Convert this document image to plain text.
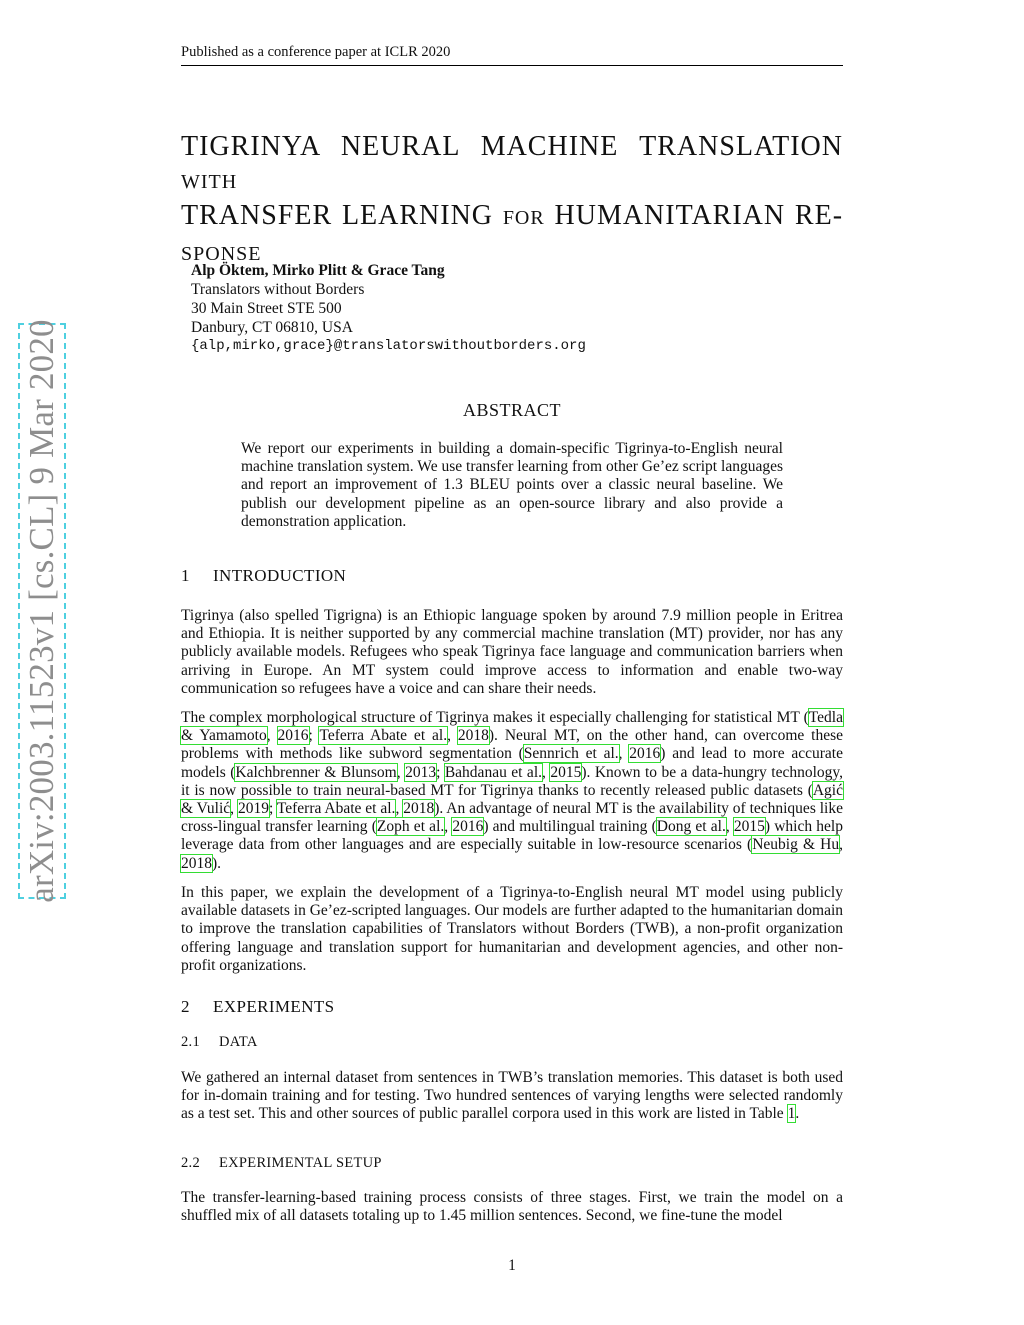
Published as a conference paper at ICLR 2020
arXiv:2003.11523v1 [cs.CL] 9 Mar 2020
TIGRINYA NEURAL MACHINE TRANSLATION WITH
TRANSFER LEARNING FOR HUMANITARIAN RE-
SPONSE
Alp Öktem, Mirko Plitt & Grace Tang
Translators without Borders
30 Main Street STE 500
Danbury, CT 06810, USA
{alp,mirko,grace}@translatorswithoutborders.org
ABSTRACT
We report our experiments in building a domain-specific Tigrinya-to-English neural machine translation system. We use transfer learning from other Ge’ez script languages and report an improvement of 1.3 BLEU points over a classic neural baseline. We publish our development pipeline as an open-source library and also provide a demonstration application.
1 INTRODUCTION
Tigrinya (also spelled Tigrigna) is an Ethiopic language spoken by around 7.9 million people in Eritrea and Ethiopia. It is neither supported by any commercial machine translation (MT) provider, nor has any publicly available models. Refugees who speak Tigrinya face language and communication barriers when arriving in Europe. An MT system could improve access to information and enable two-way communication so refugees have a voice and can share their needs.
The complex morphological structure of Tigrinya makes it especially challenging for statistical MT (Tedla & Yamamoto, 2016; Teferra Abate et al., 2018). Neural MT, on the other hand, can overcome these problems with methods like subword segmentation (Sennrich et al., 2016) and lead to more accurate models (Kalchbrenner & Blunsom, 2013; Bahdanau et al., 2015). Known to be a data-hungry technology, it is now possible to train neural-based MT for Tigrinya thanks to recently released public datasets (Agić & Vulić, 2019; Teferra Abate et al., 2018). An advantage of neural MT is the availability of techniques like cross-lingual transfer learning (Zoph et al., 2016) and multilingual training (Dong et al., 2015) which help leverage data from other languages and are especially suitable in low-resource scenarios (Neubig & Hu, 2018).
In this paper, we explain the development of a Tigrinya-to-English neural MT model using publicly available datasets in Ge’ez-scripted languages. Our models are further adapted to the humanitarian domain to improve the translation capabilities of Translators without Borders (TWB), a non-profit organization offering language and translation support for humanitarian and development agencies, and other non-profit organizations.
2 EXPERIMENTS
2.1 DATA
We gathered an internal dataset from sentences in TWB’s translation memories. This dataset is both used for in-domain training and for testing. Two hundred sentences of varying lengths were selected randomly as a test set. This and other sources of public parallel corpora used in this work are listed in Table 1.
2.2 EXPERIMENTAL SETUP
The transfer-learning-based training process consists of three stages. First, we train the model on a shuffled mix of all datasets totaling up to 1.45 million sentences. Second, we fine-tune the model
1
